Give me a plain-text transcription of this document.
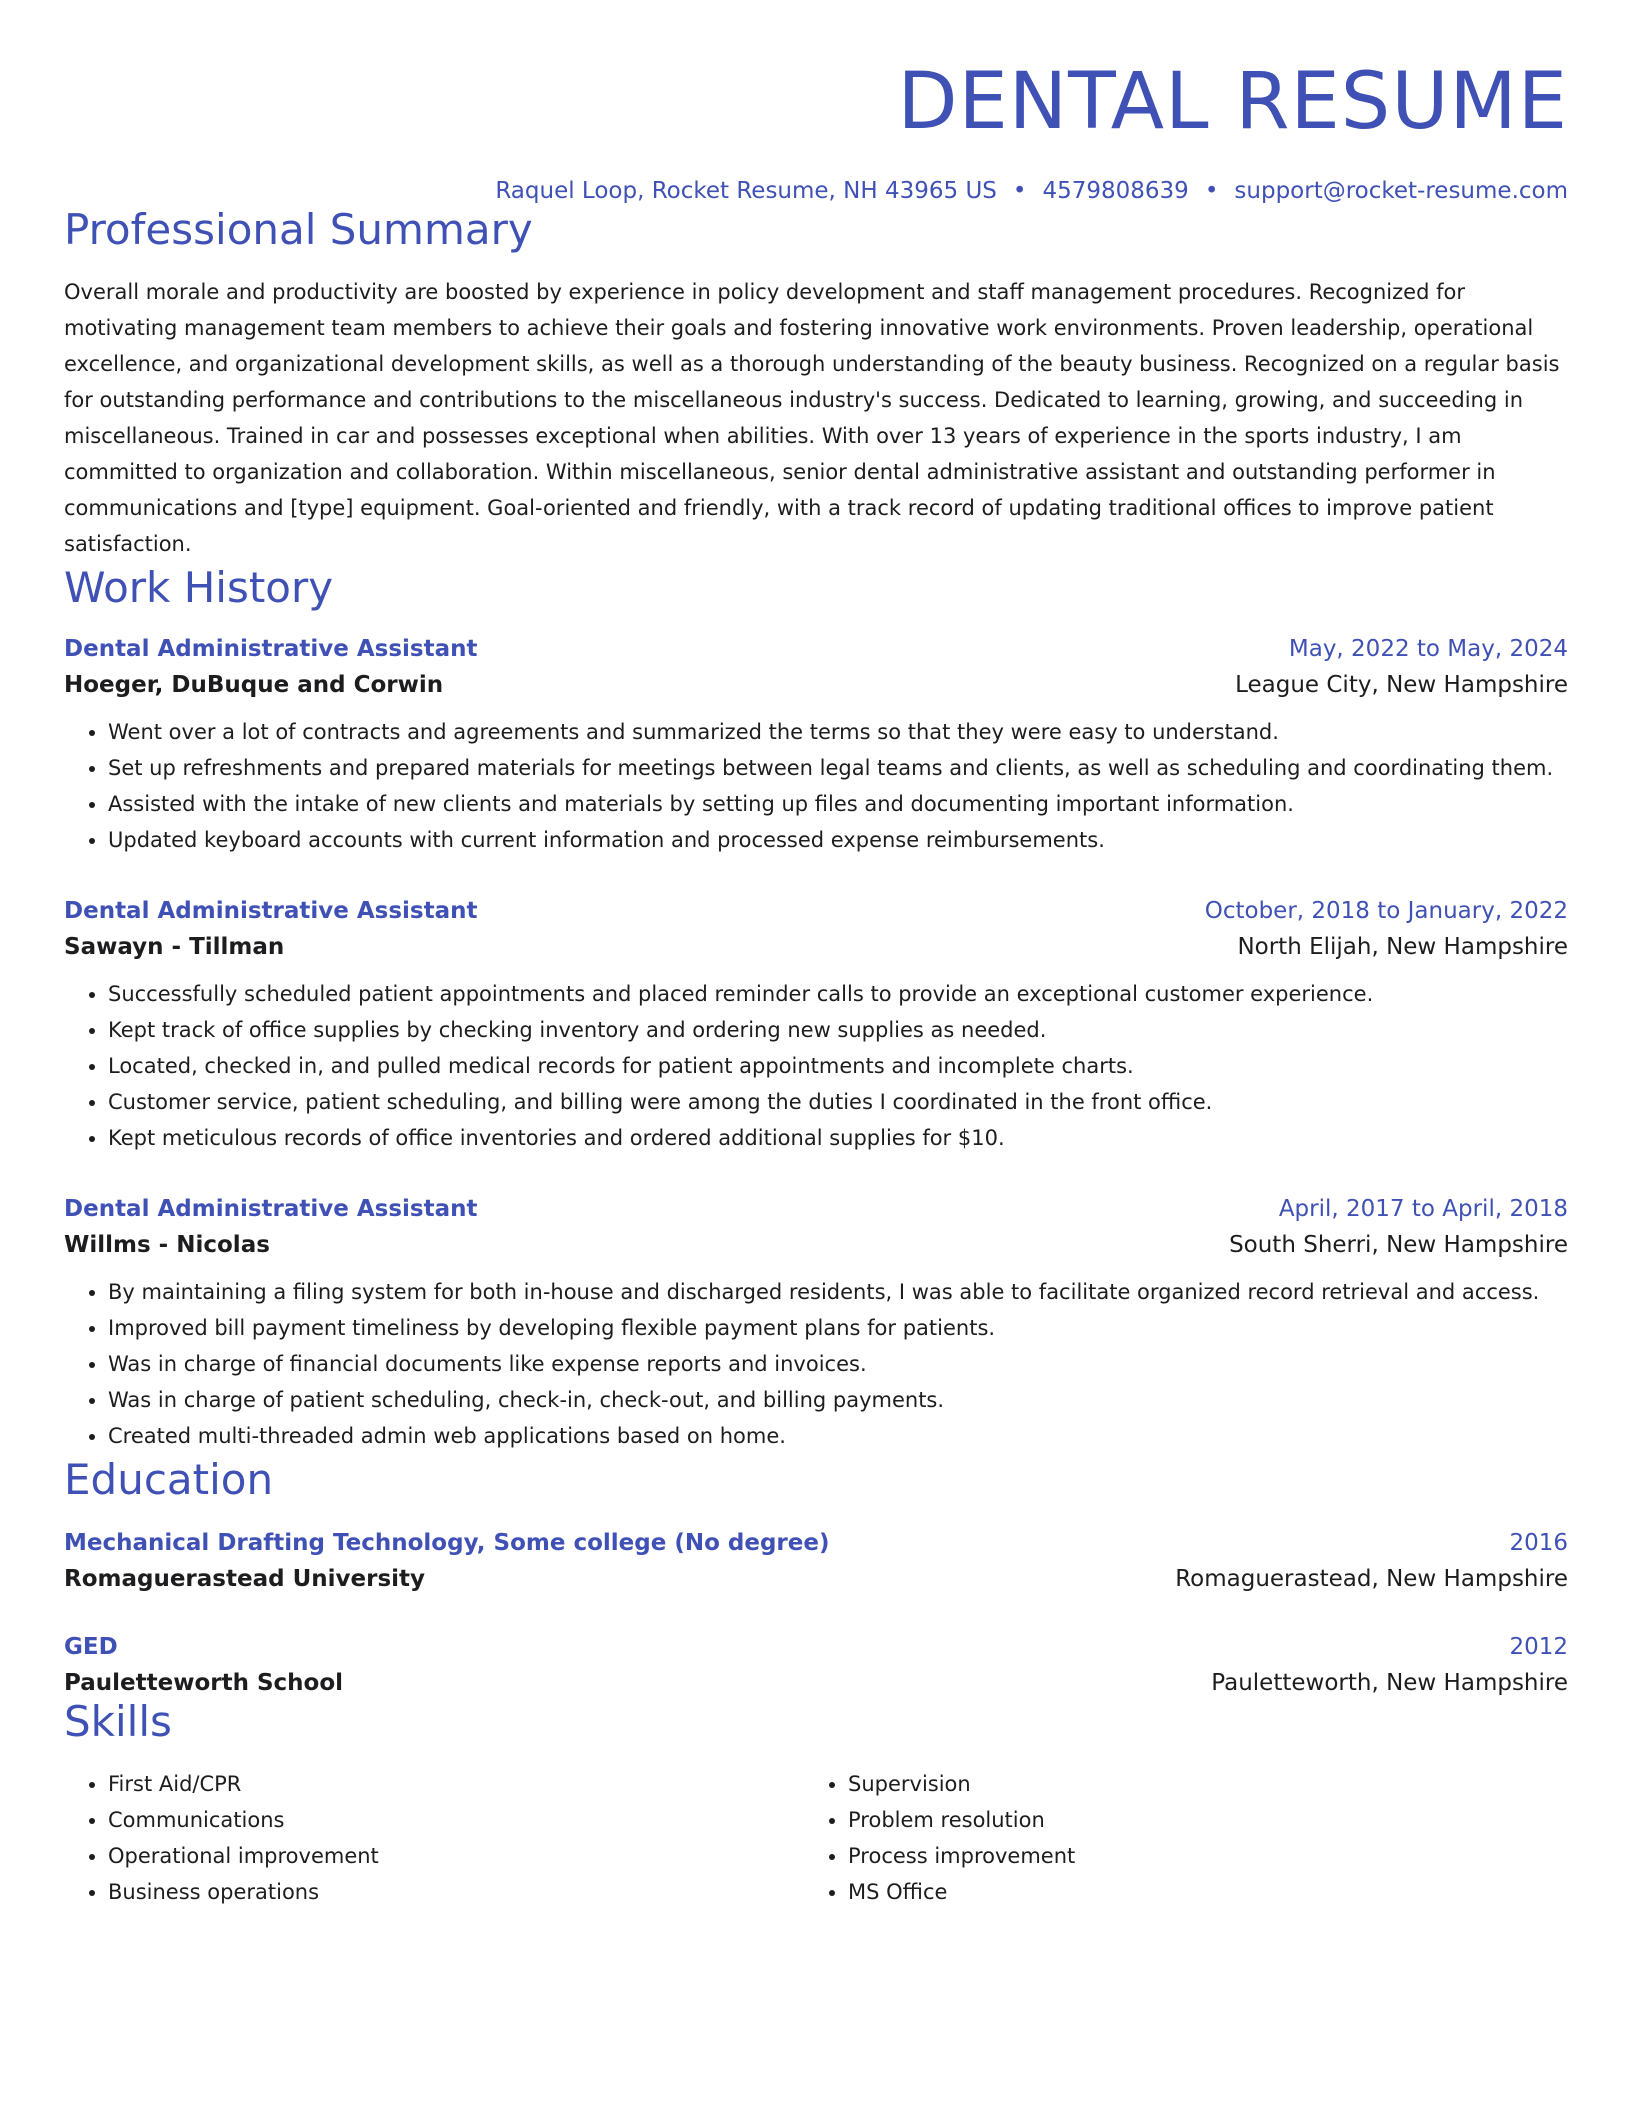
DENTAL RESUME
Raquel Loop, Rocket Resume, NH 43965 US • 4579808639 • support@rocket-resume.com
Professional Summary

Overall morale and productivity are boosted by experience in policy development and staff management procedures. Recognized for motivating management team members to achieve their goals and fostering innovative work environments. Proven leadership, operational excellence, and organizational development skills, as well as a thorough understanding of the beauty business. Recognized on a regular basis for outstanding performance and contributions to the miscellaneous industry's success. Dedicated to learning, growing, and succeeding in miscellaneous. Trained in car and possesses exceptional when abilities. With over 13 years of experience in the sports industry, I am committed to organization and collaboration. Within miscellaneous, senior dental administrative assistant and outstanding performer in communications and [type] equipment. Goal-oriented and friendly, with a track record of updating traditional offices to improve patient satisfaction.

Work History
Dental Administrative Assistant	May, 2022 to May, 2024
Hoeger, DuBuque and Corwin	League City, New Hampshire
• Went over a lot of contracts and agreements and summarized the terms so that they were easy to understand.
• Set up refreshments and prepared materials for meetings between legal teams and clients, as well as scheduling and coordinating them.
• Assisted with the intake of new clients and materials by setting up files and documenting important information.
• Updated keyboard accounts with current information and processed expense reimbursements.
Dental Administrative Assistant	October, 2018 to January, 2022
Sawayn - Tillman	North Elijah, New Hampshire
• Successfully scheduled patient appointments and placed reminder calls to provide an exceptional customer experience.
• Kept track of office supplies by checking inventory and ordering new supplies as needed.
• Located, checked in, and pulled medical records for patient appointments and incomplete charts.
• Customer service, patient scheduling, and billing were among the duties I coordinated in the front office.
• Kept meticulous records of office inventories and ordered additional supplies for $10.
Dental Administrative Assistant	April, 2017 to April, 2018
Willms - Nicolas	South Sherri, New Hampshire
• By maintaining a filing system for both in-house and discharged residents, I was able to facilitate organized record retrieval and access.
• Improved bill payment timeliness by developing flexible payment plans for patients.
• Was in charge of financial documents like expense reports and invoices.
• Was in charge of patient scheduling, check-in, check-out, and billing payments.
• Created multi-threaded admin web applications based on home.
Education
Mechanical Drafting Technology, Some college (No degree)	2016
Romaguerastead University	Romaguerastead, New Hampshire
GED	2012
Pauletteworth School	Pauletteworth, New Hampshire
Skills
• First Aid/CPR
• Communications
• Operational improvement
• Business operations
• Supervision
• Problem resolution
• Process improvement
• MS Office
